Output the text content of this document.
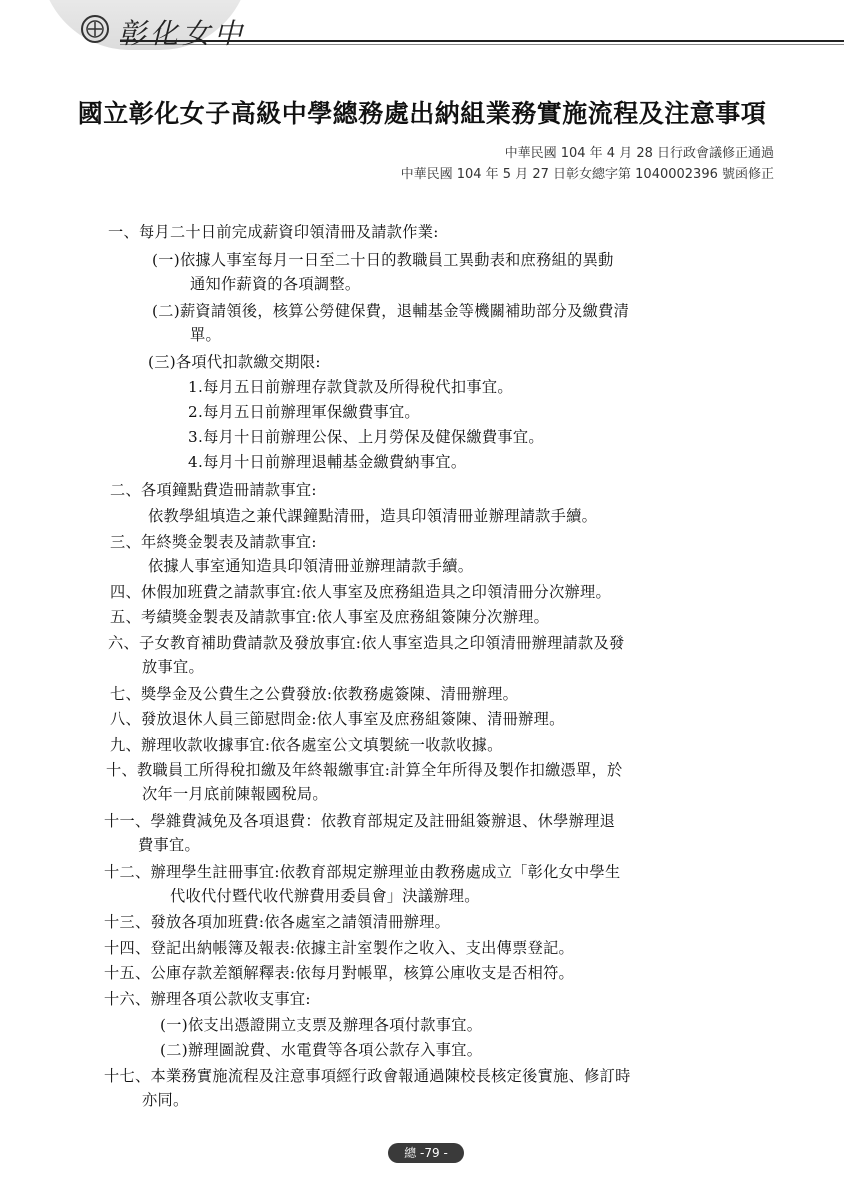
彰化女中
國立彰化女子高級中學總務處出納組業務實施流程及注意事項
中華民國 104 年 4 月 28 日行政會議修正通過
中華民國 104 年 5 月 27 日彰女總字第 1040002396 號函修正
一、每月二十日前完成薪資印領清冊及請款作業:
(一)依據人事室每月一日至二十日的教職員工異動表和庶務組的異動
通知作薪資的各項調整。
(二)薪資請領後，核算公勞健保費，退輔基金等機關補助部分及繳費清
單。
(三)各項代扣款繳交期限:
1.每月五日前辦理存款貸款及所得稅代扣事宜。
2.每月五日前辦理軍保繳費事宜。
3.每月十日前辦理公保、上月勞保及健保繳費事宜。
4.每月十日前辦理退輔基金繳費納事宜。
二、各項鐘點費造冊請款事宜:
依教學組填造之兼代課鐘點清冊，造具印領清冊並辦理請款手續。
三、年終獎金製表及請款事宜:
依據人事室通知造具印領清冊並辦理請款手續。
四、休假加班費之請款事宜:依人事室及庶務組造具之印領清冊分次辦理。
五、考績獎金製表及請款事宜:依人事室及庶務組簽陳分次辦理。
六、子女教育補助費請款及發放事宜:依人事室造具之印領清冊辦理請款及發
放事宜。
七、獎學金及公費生之公費發放:依教務處簽陳、清冊辦理。
八、發放退休人員三節慰問金:依人事室及庶務組簽陳、清冊辦理。
九、辦理收款收據事宜:依各處室公文填製統一收款收據。
十、教職員工所得稅扣繳及年終報繳事宜:計算全年所得及製作扣繳憑單，於
次年一月底前陳報國稅局。
十一、學雜費減免及各項退費：依教育部規定及註冊組簽辦退、休學辦理退
費事宜。
十二、辦理學生註冊事宜:依教育部規定辦理並由教務處成立「彰化女中學生
代收代付暨代收代辦費用委員會」決議辦理。
十三、發放各項加班費:依各處室之請領清冊辦理。
十四、登記出納帳簿及報表:依據主計室製作之收入、支出傳票登記。
十五、公庫存款差額解釋表:依每月對帳單，核算公庫收支是否相符。
十六、辦理各項公款收支事宜:
(一)依支出憑證開立支票及辦理各項付款事宜。
(二)辦理圖說費、水電費等各項公款存入事宜。
十七、本業務實施流程及注意事項經行政會報通過陳校長核定後實施、修訂時
亦同。
總 -79 -
